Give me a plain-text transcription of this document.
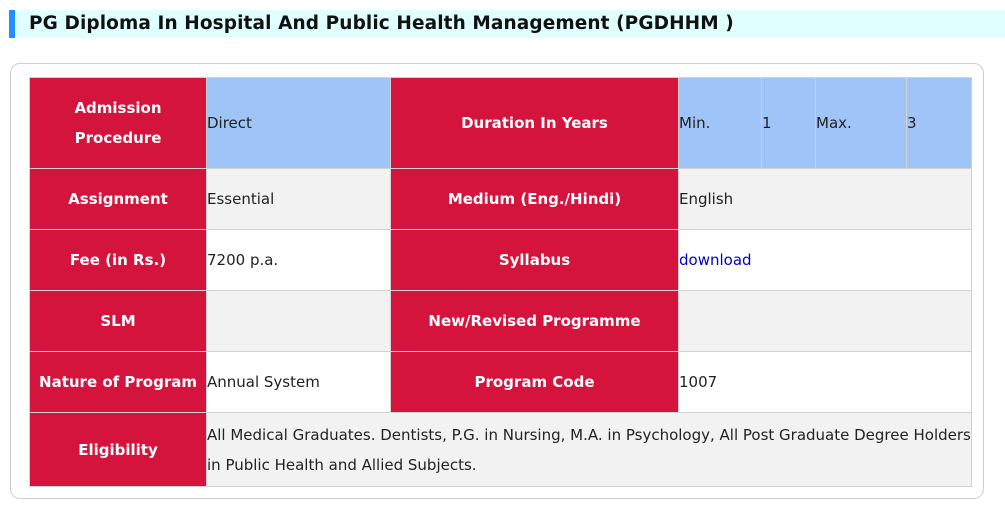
PG Diploma In Hospital And Public Health Management (PGDHHM )
Admission Procedure	Direct	Duration In Years	Min.	1	Max.	3
Assignment	Essential	Medium (Eng./Hindi)	English			
Fee (in Rs.)	7200 p.a.	Syllabus	download			
SLM		New/Revised Programme				
Nature of Program	Annual System	Program Code	1007			
Eligibility	All Medical Graduates. Dentists, P.G. in Nursing, M.A. in Psychology, All Post Graduate Degree Holders in Public Health and Allied Subjects.					
